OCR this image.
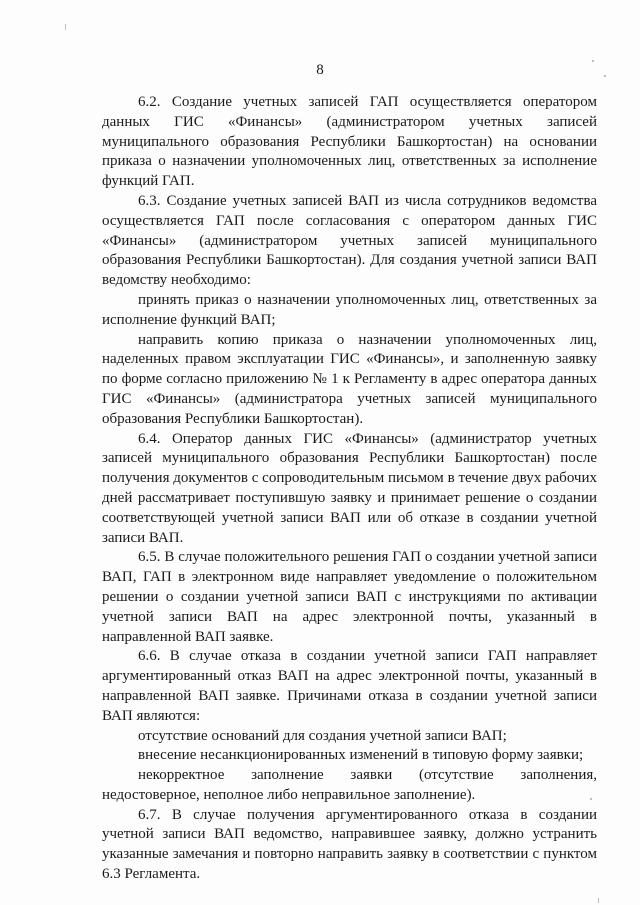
8

6.2. Создание учетных записей ГАП осуществляется оператором данных ГИС «Финансы» (администратором учетных записей муниципального образования Республики Башкортостан) на основании приказа о назначении уполномоченных лиц, ответственных за исполнение функций ГАП.

6.3. Создание учетных записей ВАП из числа сотрудников ведомства осуществляется ГАП после согласования с оператором данных ГИС «Финансы» (администратором учетных записей муниципального образования Республики Башкортостан). Для создания учетной записи ВАП ведомству необходимо:

принять приказ о назначении уполномоченных лиц, ответственных за исполнение функций ВАП;

направить копию приказа о назначении уполномоченных лиц, наделенных правом эксплуатации ГИС «Финансы», и заполненную заявку по форме согласно приложению № 1 к Регламенту в адрес оператора данных ГИС «Финансы» (администратора учетных записей муниципального образования Республики Башкортостан).

6.4. Оператор данных ГИС «Финансы» (администратор учетных записей муниципального образования Республики Башкортостан) после получения документов с сопроводительным письмом в течение двух рабочих дней рассматривает поступившую заявку и принимает решение о создании соответствующей учетной записи ВАП или об отказе в создании учетной записи ВАП.

6.5. В случае положительного решения ГАП о создании учетной записи ВАП, ГАП в электронном виде направляет уведомление о положительном решении о создании учетной записи ВАП с инструкциями по активации учетной записи ВАП на адрес электронной почты, указанный в направленной ВАП заявке.

6.6. В случае отказа в создании учетной записи ГАП направляет аргументированный отказ ВАП на адрес электронной почты, указанный в направленной ВАП заявке. Причинами отказа в создании учетной записи ВАП являются:

отсутствие оснований для создания учетной записи ВАП;

внесение несанкционированных изменений в типовую форму заявки;

некорректное заполнение заявки (отсутствие заполнения, недостоверное, неполное либо неправильное заполнение).

6.7. В случае получения аргументированного отказа в создании учетной записи ВАП ведомство, направившее заявку, должно устранить указанные замечания и повторно направить заявку в соответствии с пунктом 6.3 Регламента.
